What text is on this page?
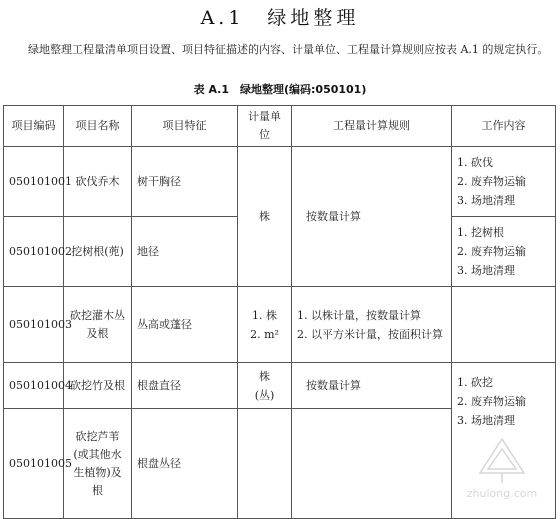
A.1　绿地整理
绿地整理工程量清单项目设置、项目特征描述的内容、计量单位、工程量计算规则应按表 A.1 的规定执行。
表 A.1　绿地整理(编码:050101)
项目编码	项目名称	项目特征	计量单位	工程量计算规则	工作内容
050101001	砍伐乔木	树干胸径	株	按数量计算	1. 砍伐
2. 废弃物运输
3. 场地清理

050101002	挖树根(蔸)	地径			1. 挖树根
2. 废弃物运输
3. 场地清理

050101003	砍挖灌木丛及根	丛高或蓬径	1. 株
2. m²	1. 以株计量，按数量计算
2. 以平方米计量，按面积计算	

050101004	砍挖竹及根	根盘直径	株
(丛)	按数量计算	1. 砍挖
2. 废弃物运输
3. 场地清理

050101005	砍挖芦苇(或其他水生植物)及根	根盘丛径			
zhulong.com
